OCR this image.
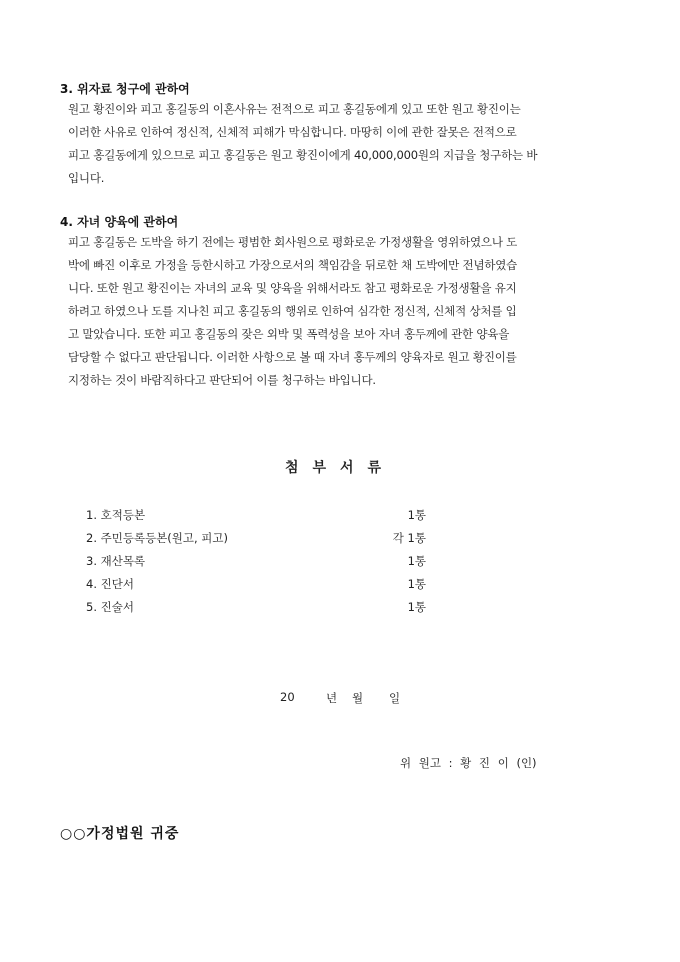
3. 위자료 청구에 관하여
원고 황진이와 피고 홍길동의 이혼사유는 전적으로 피고 홍길동에게 있고 또한 원고 황진이는
이러한 사유로 인하여 정신적, 신체적 피해가 막심합니다. 마땅히 이에 관한 잘못은 전적으로
피고 홍길동에게 있으므로 피고 홍길동은 원고 황진이에게 40,000,000원의 지급을 청구하는 바
입니다.
4. 자녀 양육에 관하여
피고 홍길동은 도박을 하기 전에는 평범한 회사원으로 평화로운 가정생활을 영위하였으나 도
박에 빠진 이후로 가정을 등한시하고 가장으로서의 책임감을 뒤로한 채 도박에만 전념하였습
니다. 또한 원고 황진이는 자녀의 교육 및 양육을 위해서라도 참고 평화로운 가정생활을 유지
하려고 하였으나 도를 지나친 피고 홍길동의 행위로 인하여 심각한 정신적, 신체적 상처를 입
고 말았습니다. 또한 피고 홍길동의 잦은 외박 및 폭력성을 보아 자녀 홍두께에 관한 양육을
담당할 수 없다고 판단됩니다. 이러한 사항으로 볼 때 자녀 홍두께의 양육자로 원고 황진이를
지정하는 것이 바람직하다고 판단되어 이를 청구하는 바입니다.
첨부서류
1. 호적등본	1통
2. 주민등록등본(원고, 피고)	각 1통
3. 재산목록	1통
4. 진단서	1통
5. 진술서	1통
20	년 월 일
위 원고 : 황 진 이 (인)
○○가정법원 귀중
